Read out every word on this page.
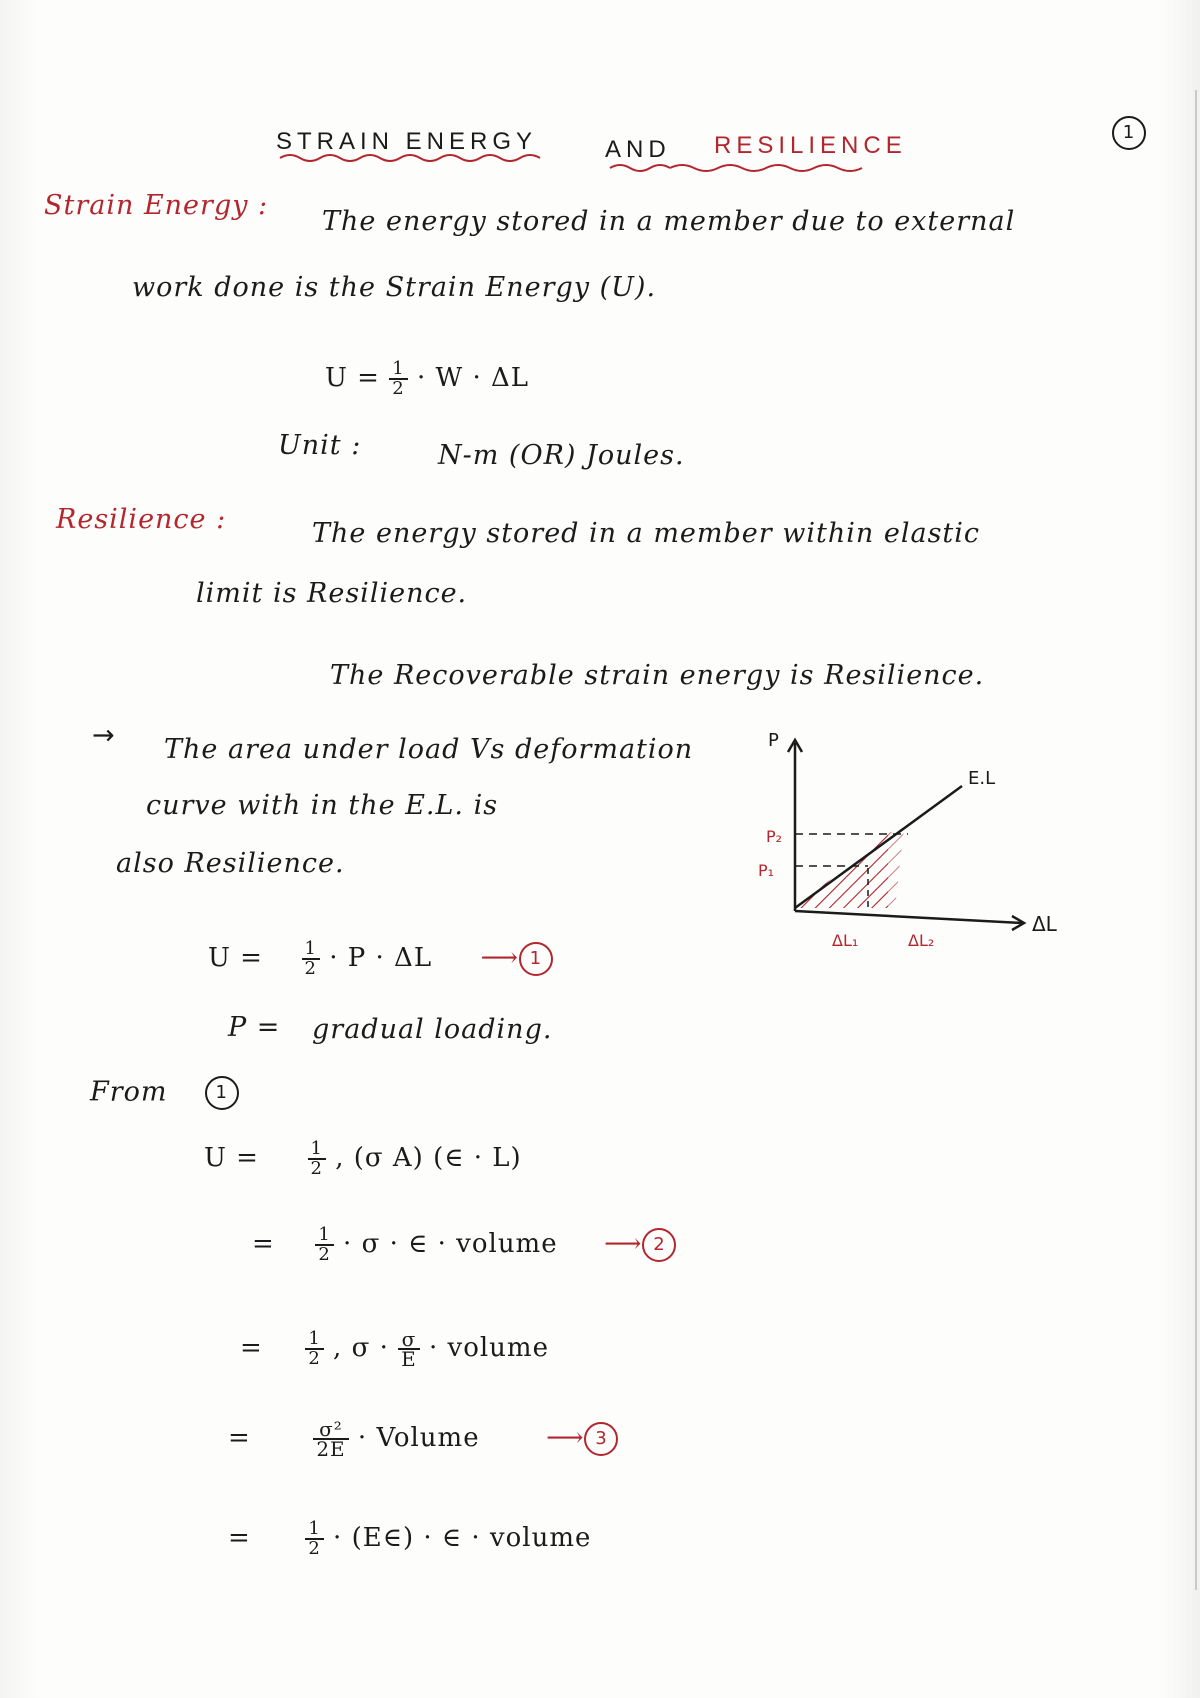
1
STRAIN ENERGY	AND RESILIENCE
Strain Energy :
The energy stored in a member due to external
work done is the Strain Energy (U).
$U = \frac{1}{2} \cdot W \cdot \Delta L$
Unit :	N-m (OR) Joules.
Resilience :	The energy stored in a member within elastic
limit is Resilience.
The Recoverable strain energy is Resilience.
→ The area under load Vs deformation
curve with in the E.L. is
also Resilience.
P
ΔL
E.L
P₂
P₁
ΔL₁	ΔL₂
$U = \frac{1}{2} \cdot P \cdot \Delta L$ ⟶ 1
P = gradual loading.
From	1
U =	$\frac{1}{2}$ , (σ A) (∈ · L)
= $\frac{1}{2} \cdot \sigma$ · ∈ · volume ⟶ 2
= $\frac{1}{2}$ , $\sigma \cdot \frac{\sigma}{E}$ · volume
=	$\frac{\text{σ²}}{2E}$ · Volume	⟶ 3
=	$\frac{1}{2}$ · (E∈) · ∈ · volume
